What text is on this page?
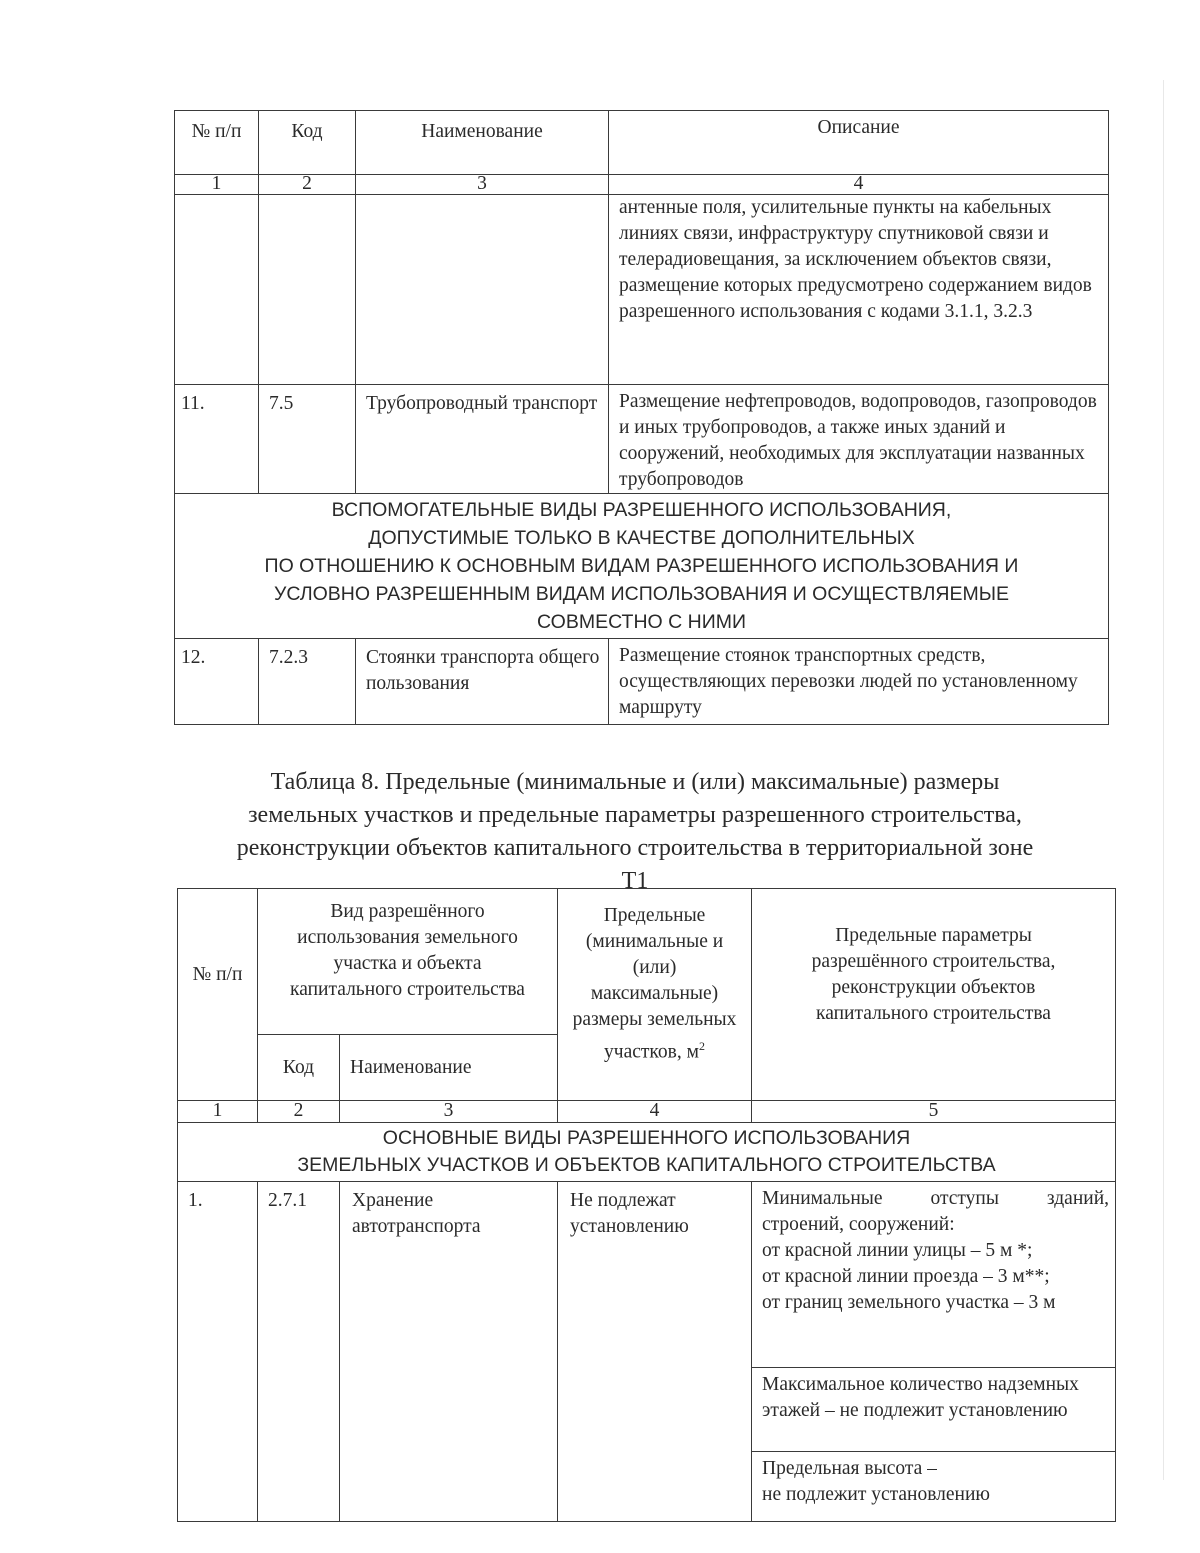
№ п/п	Код	Наименование	Описание
1	2	3	4
			антенные поля, усилительные пункты на кабельных линиях связи, инфраструктуру спутниковой связи и телерадиовещания, за исключением объектов связи, размещение которых предусмотрено содержанием видов разрешенного использования с кодами 3.1.1, 3.2.3
11.	7.5	Трубопроводный транспорт	Размещение нефтепроводов, водопроводов, газопроводов и иных трубопроводов, а также иных зданий и сооружений, необходимых для эксплуатации названных трубопроводов

ВСПОМОГАТЕЛЬНЫЕ ВИДЫ РАЗРЕШЕННОГО ИСПОЛЬЗОВАНИЯ,
ДОПУСТИМЫЕ ТОЛЬКО В КАЧЕСТВЕ ДОПОЛНИТЕЛЬНЫХ
ПО ОТНОШЕНИЮ К ОСНОВНЫМ ВИДАМ РАЗРЕШЕННОГО ИСПОЛЬЗОВАНИЯ И
УСЛОВНО РАЗРЕШЕННЫМ ВИДАМ ИСПОЛЬЗОВАНИЯ И ОСУЩЕСТВЛЯЕМЫЕ
СОВМЕСТНО С НИМИ			

12.	7.2.3	Стоянки транспорта общего пользования	Размещение стоянок транспортных средств, осуществляющих перевозки людей по установленному маршруту
Таблица 8. Предельные (минимальные и (или) максимальные) размеры
земельных участков и предельные параметры разрешенного строительства,
реконструкции объектов капитального строительства в территориальной зоне
Т1
№ п/п	Вид разрешённого использования земельного участка и объекта капитального строительства		Предельные (минимальные и (или) максимальные) размеры земельных участков, $м^2$	Предельные параметры разрешённого строительства, реконструкции объектов капитального строительства
	Код	Наименование		
1	2	3	4	5

ОСНОВНЫЕ ВИДЫ РАЗРЕШЕННОГО ИСПОЛЬЗОВАНИЯ
ЗЕМЕЛЬНЫХ УЧАСТКОВ И ОБЪЕКТОВ КАПИТАЛЬНОГО СТРОИТЕЛЬСТВА				

1.	2.7.1	Хранение автотранспорта	Не подлежат установлению	Минимальные отступы зданий, строений, сооружений:
от красной линии улицы – 5 м *;
от красной линии проезда – 3 м**;
от границ земельного участка – 3 м

				Максимальное количество надземных этажей – не подлежит установлению

				Предельная высота –
не подлежит установлению
